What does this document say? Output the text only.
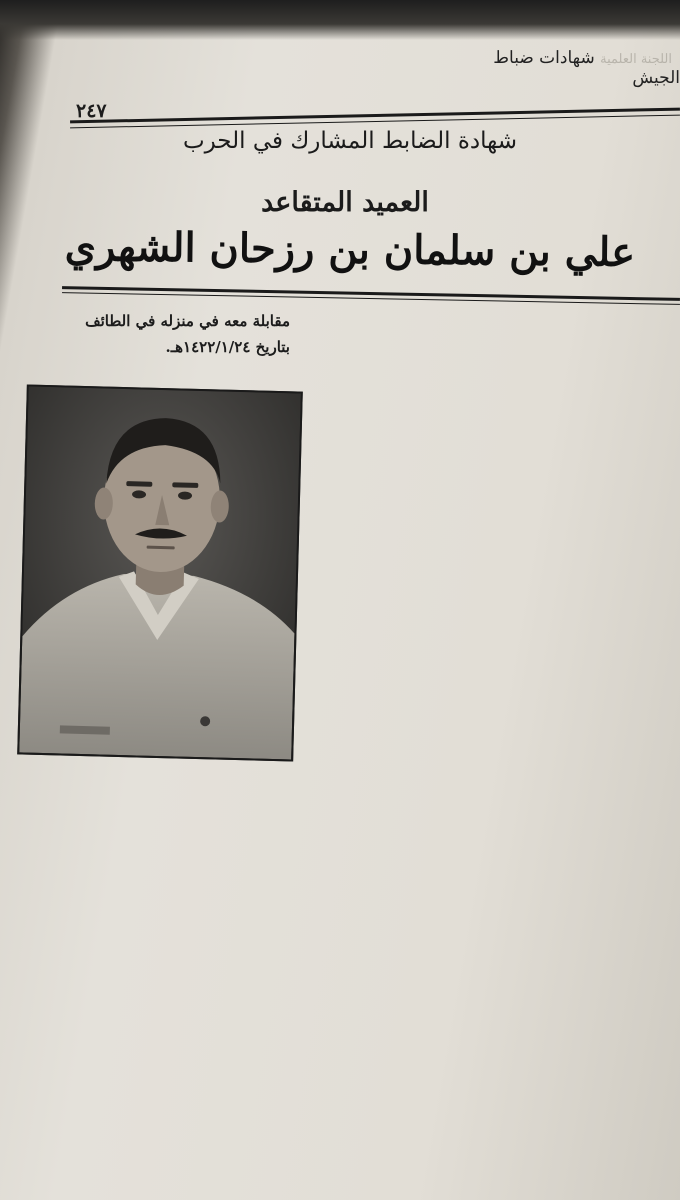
اللجنة العلمية شهادات ضباط الجيش
٢٤٧
شهادة الضابط المشارك في الحرب
العميد المتقاعد
علي بن سلمان بن رزحان الشهري
مقابلة معه في منزله في الطائف
بتاريخ ١٤٢٢/١/٢٤هـ.
